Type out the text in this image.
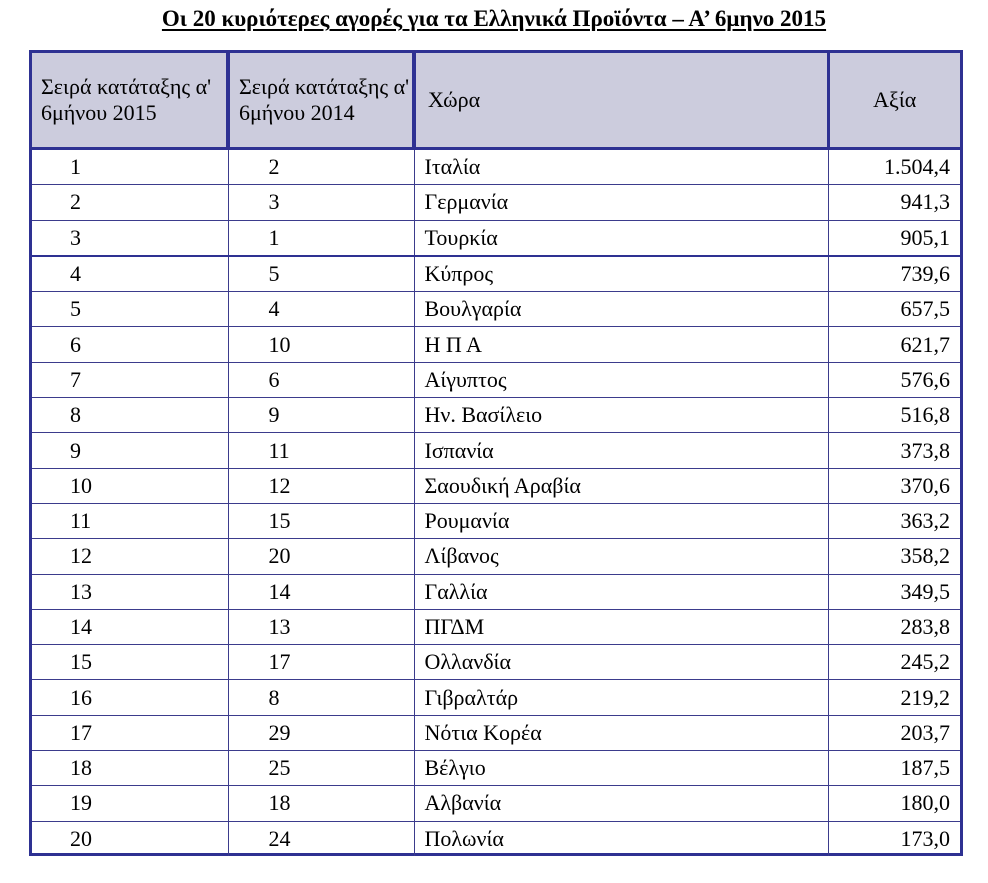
Οι 20 κυριότερες αγορές για τα Ελληνικά Προϊόντα – Α’ 6μηνο 2015
Σειρά κατάταξης α' 6μήνου 2015	Σειρά κατάταξης α' 6μήνου 2014	Χώρα	Αξία
1	2	Ιταλία	1.504,4
2	3	Γερμανία	941,3
3	1	Τουρκία	905,1
4	5	Κύπρος	739,6
5	4	Βουλγαρία	657,5
6	10	Η Π Α	621,7
7	6	Αίγυπτος	576,6
8	9	Ην. Βασίλειο	516,8
9	11	Ισπανία	373,8
10	12	Σαουδική Αραβία	370,6
11	15	Ρουμανία	363,2
12	20	Λίβανος	358,2
13	14	Γαλλία	349,5
14	13	ΠΓΔΜ	283,8
15	17	Ολλανδία	245,2
16	8	Γιβραλτάρ	219,2
17	29	Νότια Κορέα	203,7
18	25	Βέλγιο	187,5
19	18	Αλβανία	180,0
20	24	Πολωνία	173,0
